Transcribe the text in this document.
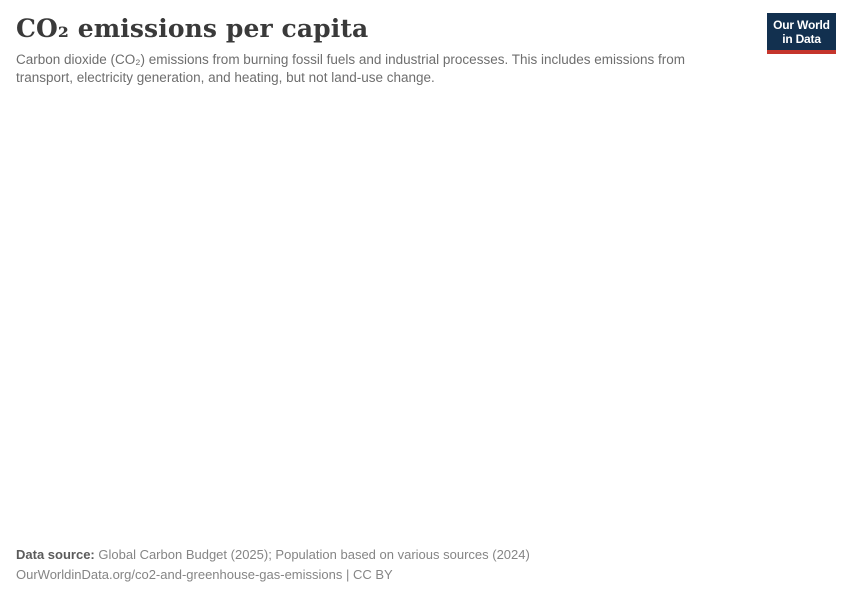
CO₂ emissions per capita

Carbon dioxide (CO₂) emissions from burning fossil fuels and industrial processes. This includes emissions from transport, electricity generation, and heating, but not land-use change.

Our World
in Data

Data source: Global Carbon Budget (2025); Population based on various sources (2024)

OurWorldinData.org/co2-and-greenhouse-gas-emissions | CC BY
